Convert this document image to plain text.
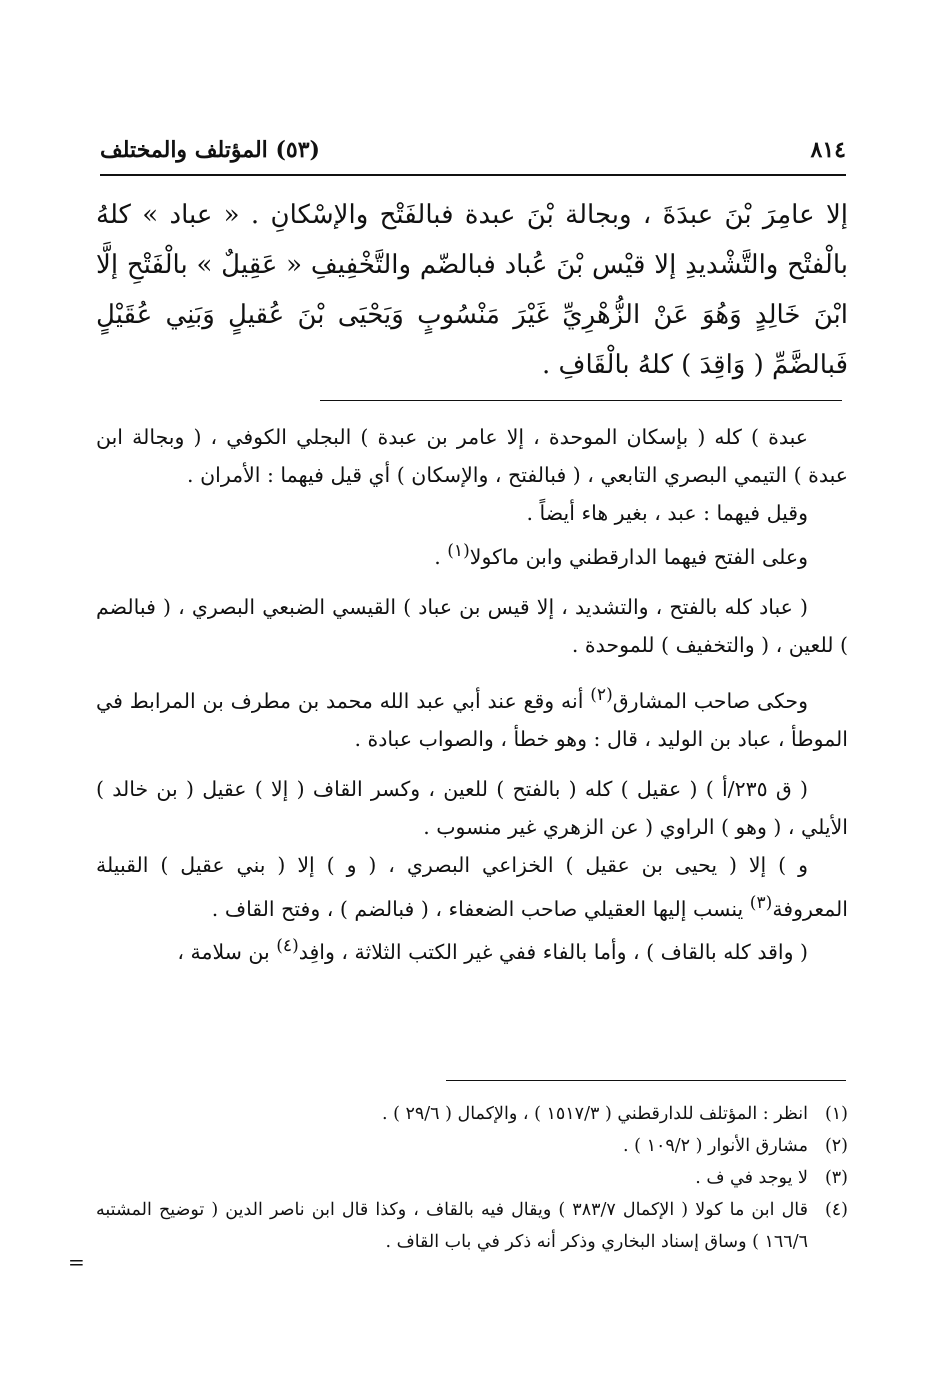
٨١٤
(٥٣) المؤتلف والمختلف
إلا عامِرَ بْنَ عبدَةَ ، وبجالة بْنَ عبدة فبالفَتْح والإسْكانِ . « عباد » كلهُ بالْفتْح والتَّشْديدِ إلا قيْس بْنَ عُباد فبالضّم والتَّخْفِيفِ « عَقِيلٌ » بالْفَتْحِ إلَّا ابْنَ خَالِدٍ وَهُوَ عَنْ الزُّهْرِيِّ غَيْرَ مَنْسُوبٍ وَيَحْيَى بْنَ عُقيلٍ وَبَنِي عُقَيْلٍ فَبالضَّمِّ ( وَاقِدَ ) كلهُ بالْقَافِ .

عبدة ) كله ( بإسكان الموحدة ، إلا عامر بن عبدة ) البجلي الكوفي ، ( وبجالة ابن عبدة ) التيمي البصري التابعي ، ( فبالفتح ، والإسكان ) أي قيل فيهما : الأمران .

وقيل فيهما : عبد ، بغير هاء أيضاً .

وعلى الفتح فيهما الدارقطني وابن ماكولا$^{(١)}$ .

( عباد كله بالفتح ، والتشديد ، إلا قيس بن عباد ) القيسي الضبعي البصري ، ( فبالضم ) للعين ، ( والتخفيف ) للموحدة .

وحكى صاحب المشارق$^{(٢)}$ أنه وقع عند أبي عبد الله محمد بن مطرف بن المرابط في الموطأ ، عباد بن الوليد ، قال : وهو خطأ ، والصواب عبادة .

( ق ٢٣٥/أ ) ( عقيل ) كله ( بالفتح ) للعين ، وكسر القاف ( إلا ) عقيل ( بن خالد ) الأيلي ، ( وهو ) الراوي ( عن الزهري غير منسوب .

و ) إلا ( يحيى بن عقيل ) الخزاعي البصري ، ( و ) إلا ( بني عقيل ) القبيلة المعروفة$^{(٣)}$ ينسب إليها العقيلي صاحب الضعفاء ، ( فبالضم ) ، وفتح القاف .

( واقد كله بالقاف ) ، وأما بالفاء ففي غير الكتب الثلاثة ، وافِد$^{(٤)}$ بن سلامة ،

(١)انظر : المؤتلف للدارقطني ( ١٥١٧/٣ ) ، والإكمال ( ٢٩/٦ ) .

(٢)مشارق الأنوار ( ١٠٩/٢ ) .

(٣)لا يوجد في ف .

(٤)قال ابن ما كولا ( الإكمال ٣٨٣/٧ ) ويقال فيه بالقاف ، وكذا قال ابن ناصر الدين ( توضيح المشتبه ١٦٦/٦ ) وساق إسناد البخاري وذكر أنه ذكر في باب القاف .

=
